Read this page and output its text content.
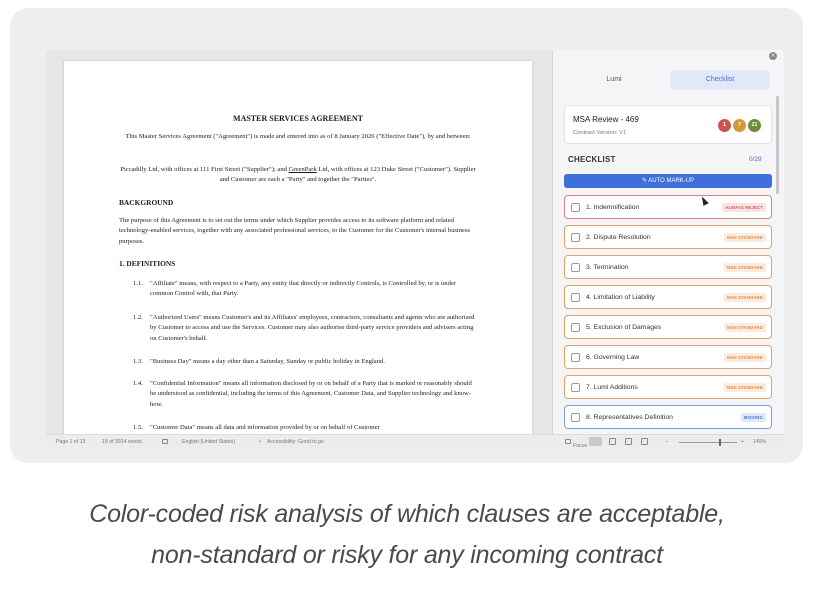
MASTER SERVICES AGREEMENT
This Master Services Agreement ("Agreement") is made and entered into as of 8 January 2026 ("Effective Date"), by and between:
Piccadilly Ltd, with offices at 111 First Street ("Supplier"); and GreenPark Ltd, with offices at 123 Duke Street ("Customer"). Supplier and Customer are each a "Party" and together the "Parties".
BACKGROUND
The purpose of this Agreement is to set out the terms under which Supplier provides access to its software platform and related technology-enabled services, together with any associated professional services, to the Customer for the Customer's internal business purposes.
1. DEFINITIONS
1.1.	"Affiliate" means, with respect to a Party, any entity that directly or indirectly Controls, is Controlled by, or is under common Control with, that Party.
1.2.	"Authorized Users" means Customer's and its Affiliates' employees, contractors, consultants and agents who are authorised by Customer to access and use the Services. Customer may also authorise third-party service providers and advisers acting on Customer's behalf.
1.3.	"Business Day" means a day other than a Saturday, Sunday or public holiday in England.
1.4.	"Confidential Information" means all information disclosed by or on behalf of a Party that is marked or reasonably should be understood as confidential, including the terms of this Agreement, Customer Data, and Supplier technology and know-how.
1.5.	"Customer Data" means all data and information provided by or on behalf of Customer
Page 1 of 13	19 of 3914 words	English (United States)	✧ Accessibility: Good to go
×
Lumi	Checklist
MSA Review - 469
Contract Version: V1
1	7	21
CHECKLIST	0/29
✎ AUTO MARK-UP
1. Indemnification	ALWAYS REJECT
2. Dispute Resolution	NON STANDARD
3. Termination	NON STANDARD
4. Limitation of Liability	NON STANDARD
5. Exclusion of Damages	NON STANDARD
6. Governing Law	NON STANDARD
7. Lumi Additions	NON STANDARD
8. Representatives Definition	MISSING
Focus
−	+ 149%
Color-coded risk analysis of which clauses are acceptable,
non-standard or risky for any incoming contract
